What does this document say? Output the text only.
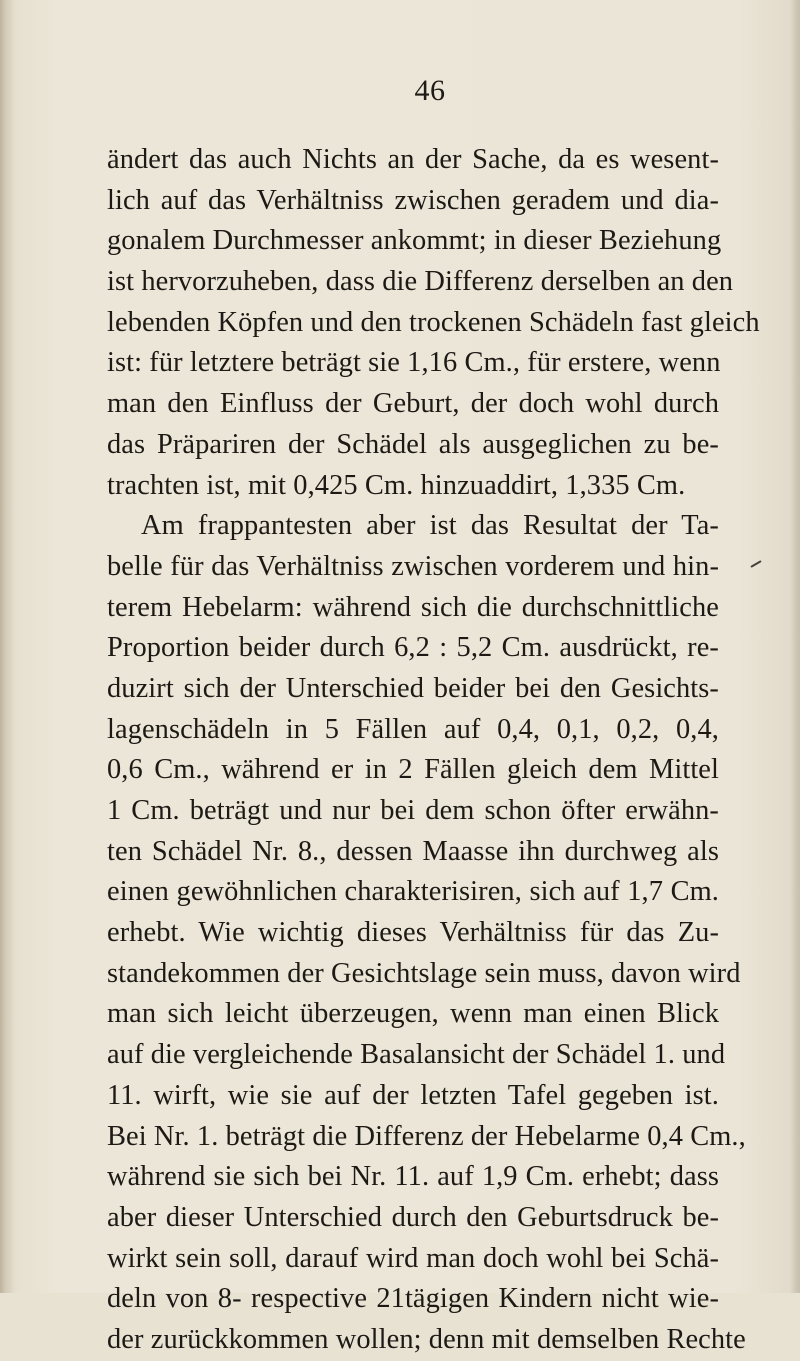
46
ändert das auch Nichts an der Sache, da es wesent-
lich auf das Verhältniss zwischen geradem und dia-
gonalem Durchmesser ankommt; in dieser Beziehung
ist hervorzuheben, dass die Differenz derselben an den
lebenden Köpfen und den trockenen Schädeln fast gleich
ist: für letztere beträgt sie 1,16 Cm., für erstere, wenn
man den Einfluss der Geburt, der doch wohl durch
das Präpariren der Schädel als ausgeglichen zu be-
trachten ist, mit 0,425 Cm. hinzuaddirt, 1,335 Cm.
Am frappantesten aber ist das Resultat der Ta-
belle für das Verhältniss zwischen vorderem und hin-
terem Hebelarm: während sich die durchschnittliche
Proportion beider durch 6,2 : 5,2 Cm. ausdrückt, re-
duzirt sich der Unterschied beider bei den Gesichts-
lagenschädeln in 5 Fällen auf 0,4, 0,1, 0,2, 0,4,
0,6 Cm., während er in 2 Fällen gleich dem Mittel
1 Cm. beträgt und nur bei dem schon öfter erwähn-
ten Schädel Nr. 8., dessen Maasse ihn durchweg als
einen gewöhnlichen charakterisiren, sich auf 1,7 Cm.
erhebt. Wie wichtig dieses Verhältniss für das Zu-
standekommen der Gesichtslage sein muss, davon wird
man sich leicht überzeugen, wenn man einen Blick
auf die vergleichende Basalansicht der Schädel 1. und
11. wirft, wie sie auf der letzten Tafel gegeben ist.
Bei Nr. 1. beträgt die Differenz der Hebelarme 0,4 Cm.,
während sie sich bei Nr. 11. auf 1,9 Cm. erhebt; dass
aber dieser Unterschied durch den Geburtsdruck be-
wirkt sein soll, darauf wird man doch wohl bei Schä-
deln von 8- respective 21tägigen Kindern nicht wie-
der zurückkommen wollen; denn mit demselben Rechte
